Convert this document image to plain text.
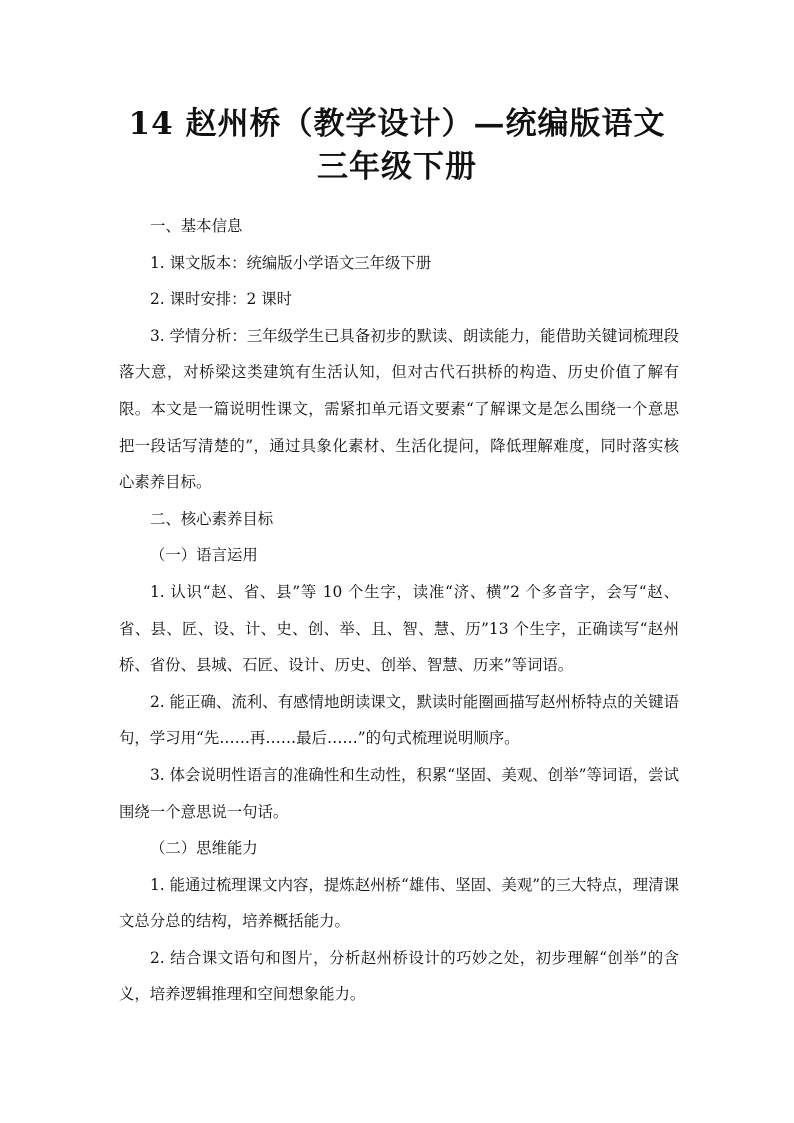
14 赵州桥（教学设计）—统编版语文
三年级下册

一、基本信息

1. 课文版本：统编版小学语文三年级下册

2. 课时安排：2 课时

3. 学情分析：三年级学生已具备初步的默读、朗读能力，能借助关键词梳理段落大意，对桥梁这类建筑有生活认知，但对古代石拱桥的构造、历史价值了解有限。本文是一篇说明性课文，需紧扣单元语文要素“了解课文是怎么围绕一个意思把一段话写清楚的”，通过具象化素材、生活化提问，降低理解难度，同时落实核心素养目标。

二、核心素养目标

（一）语言运用

1. 认识“赵、省、县”等 10 个生字，读准“济、横”2 个多音字，会写“赵、省、县、匠、设、计、史、创、举、且、智、慧、历”13 个生字，正确读写“赵州桥、省份、县城、石匠、设计、历史、创举、智慧、历来”等词语。

2. 能正确、流利、有感情地朗读课文，默读时能圈画描写赵州桥特点的关键语句，学习用“先……再……最后……”的句式梳理说明顺序。

3. 体会说明性语言的准确性和生动性，积累“坚固、美观、创举”等词语，尝试围绕一个意思说一句话。

（二）思维能力

1. 能通过梳理课文内容，提炼赵州桥“雄伟、坚固、美观”的三大特点，理清课文总分总的结构，培养概括能力。

2. 结合课文语句和图片，分析赵州桥设计的巧妙之处，初步理解“创举”的含义，培养逻辑推理和空间想象能力。
